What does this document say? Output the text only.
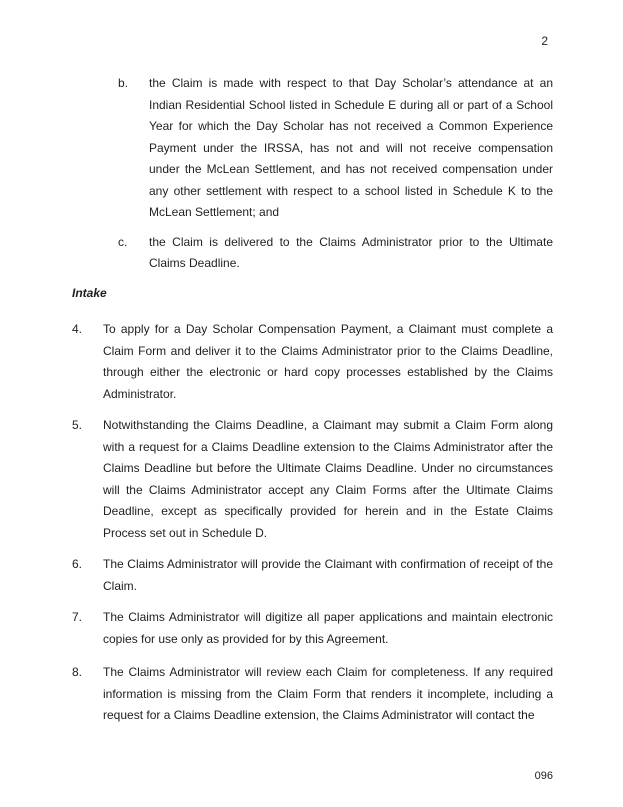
2
b.	the Claim is made with respect to that Day Scholar’s attendance at an Indian Residential School listed in Schedule E during all or part of a School Year for which the Day Scholar has not received a Common Experience Payment under the IRSSA, has not and will not receive compensation under the McLean Settlement, and has not received compensation under any other settlement with respect to a school listed in Schedule K to the McLean Settlement; and
c.	the Claim is delivered to the Claims Administrator prior to the Ultimate Claims Deadline.
Intake
4.	To apply for a Day Scholar Compensation Payment, a Claimant must complete a Claim Form and deliver it to the Claims Administrator prior to the Claims Deadline, through either the electronic or hard copy processes established by the Claims Administrator.
5.	Notwithstanding the Claims Deadline, a Claimant may submit a Claim Form along with a request for a Claims Deadline extension to the Claims Administrator after the Claims Deadline but before the Ultimate Claims Deadline. Under no circumstances will the Claims Administrator accept any Claim Forms after the Ultimate Claims Deadline, except as specifically provided for herein and in the Estate Claims Process set out in Schedule D.
6.	The Claims Administrator will provide the Claimant with confirmation of receipt of the Claim.
7.	The Claims Administrator will digitize all paper applications and maintain electronic copies for use only as provided for by this Agreement.
8.	The Claims Administrator will review each Claim for completeness. If any required information is missing from the Claim Form that renders it incomplete, including a request for a Claims Deadline extension, the Claims Administrator will contact the
096
